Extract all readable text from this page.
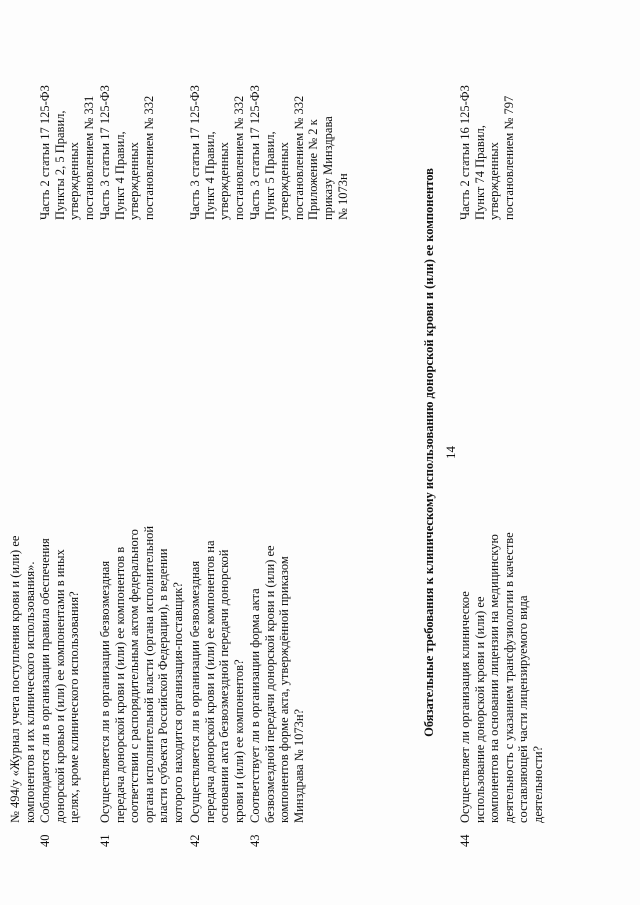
14
№ 494/у «Журнал учета поступления крови и (или) ее компонентов и их клинического использования».
40
Соблюдаются ли в организации правила обеспечения донорской кровью и (или) ее компонентами в иных целях, кроме клинического использования?
Часть 2 статьи 17 125-ФЗ Пункты 2, 5 Правил, утвержденных постановлением № 331
41
Осуществляется ли в организации безвозмездная передача донорской крови и (или) ее компонентов в соответствии с распорядительным актом федерального органа исполнительной власти (органа исполнительной власти субъекта Российской Федерации), в ведении которого находится организация-поставщик?
Часть 3 статьи 17 125-ФЗ Пункт 4 Правил, утвержденных постановлением № 332
42
Осуществляется ли в организации безвозмездная передача донорской крови и (или) ее компонентов на основании акта безвозмездной передачи донорской крови и (или) ее компонентов?
Часть 3 статьи 17 125-ФЗ Пункт 4 Правил, утвержденных постановлением № 332
43
Соответствует ли в организации форма акта безвозмездной передачи донорской крови и (или) ее компонентов форме акта, утверждённой приказом Минздрава № 1073н?
Часть 3 статьи 17 125-ФЗ Пункт 5 Правил, утвержденных постановлением № 332 Приложение № 2 к приказу Минздрава № 1073н	Обязательные требования к клиническому использованию донорской крови и (или) ее компонентов
44
Осуществляет ли организация клиническое использование донорской крови и (или) ее компонентов на основании лицензии на медицинскую деятельность с указанием трансфузиологии в качестве составляющей части лицензируемого вида деятельности?
Часть 2 статьи 16 125-ФЗ Пункт 74 Правил, утвержденных постановлением № 797
